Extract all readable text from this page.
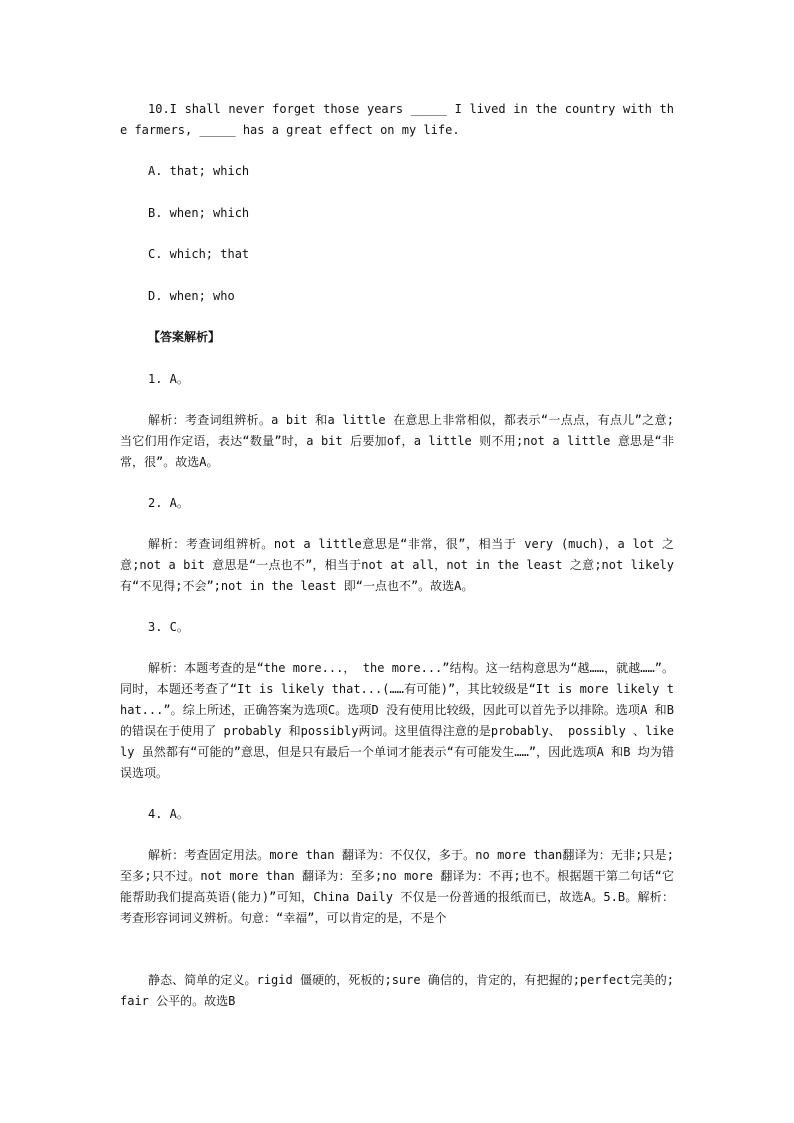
10.I shall never forget those years _____ I lived in the country with the farmers, _____ has a great effect on my life.
A. that; which
B. when; which
C. which; that
D. when; who
【答案解析】
1. A。
解析：考查词组辨析。a bit 和a little 在意思上非常相似，都表示“一点点，有点儿”之意;当它们用作定语，表达“数量”时，a bit 后要加of，a little 则不用;not a little 意思是“非常，很”。故选A。
2. A。
解析：考查词组辨析。not a little意思是“非常，很”，相当于 very (much)，a lot 之意;not a bit 意思是“一点也不”，相当于not at all，not in the least 之意;not likely有“不见得;不会”;not in the least 即“一点也不”。故选A。
3. C。
解析：本题考查的是“the more...， the more...”结构。这一结构意思为“越……，就越……”。同时，本题还考查了“It is likely that...(……有可能)”，其比较级是“It is more likely that...”。综上所述，正确答案为选项C。选项D 没有使用比较级，因此可以首先予以排除。选项A 和B 的错误在于使用了 probably 和possibly两词。这里值得注意的是probably、 possibly 、likely 虽然都有“可能的”意思，但是只有最后一个单词才能表示“有可能发生……”，因此选项A 和B 均为错误选项。
4. A。
解析：考查固定用法。more than 翻译为：不仅仅，多于。no more than翻译为：无非;只是;至多;只不过。not more than 翻译为：至多;no more 翻译为：不再;也不。根据题干第二句话“它能帮助我们提高英语(能力)”可知，China Daily 不仅是一份普通的报纸而已，故选A。5.B。解析：考查形容词词义辨析。句意：“幸福”，可以肯定的是，不是个
静态、简单的定义。rigid 僵硬的，死板的;sure 确信的，肯定的，有把握的;perfect完美的;fair 公平的。故选B
